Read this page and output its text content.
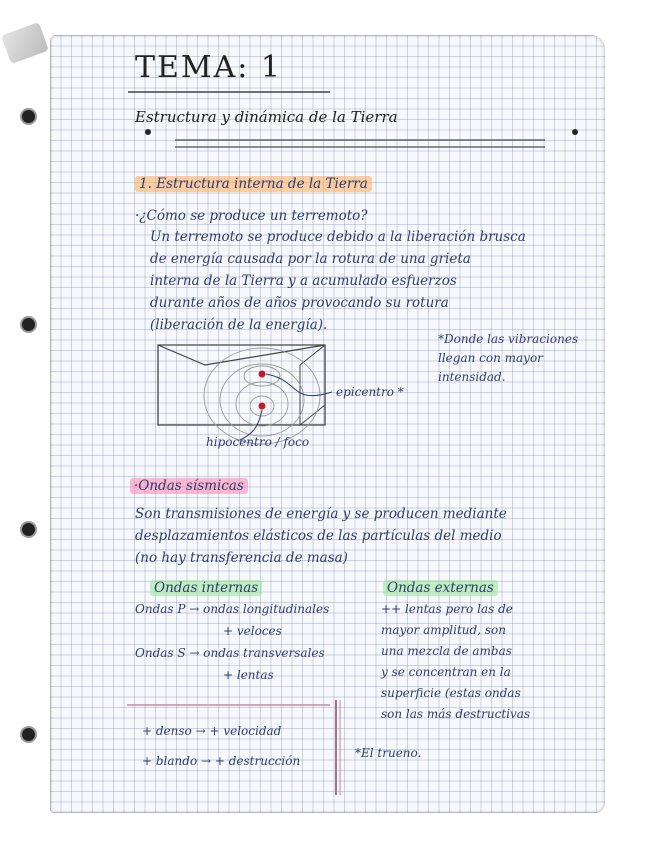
TEMA: 1
Estructura y dinámica de la Tierra
1. Estructura interna de la Tierra
·¿Cómo se produce un terremoto?
Un terremoto se produce debido a la liberación brusca
de energía causada por la rotura de una grieta
interna de la Tierra y a acumulado esfuerzos
durante años de años provocando su rotura
(liberación de la energía).
*Donde las vibraciones
llegan con mayor
intensidad.
epicentro *
hipocentro / foco
·Ondas sísmicas
Son transmisiones de energía y se producen mediante
desplazamientos elásticos de las partículas del medio
(no hay transferencia de masa)
Ondas internas
Ondas P → ondas longitudinales
+ veloces
Ondas S → ondas transversales
+ lentas
Ondas externas
++ lentas pero las de
mayor amplitud, son
una mezcla de ambas
y se concentran en la
superficie (estas ondas
son las más destructivas
+ denso → + velocidad
+ blando → + destrucción
*El trueno.
